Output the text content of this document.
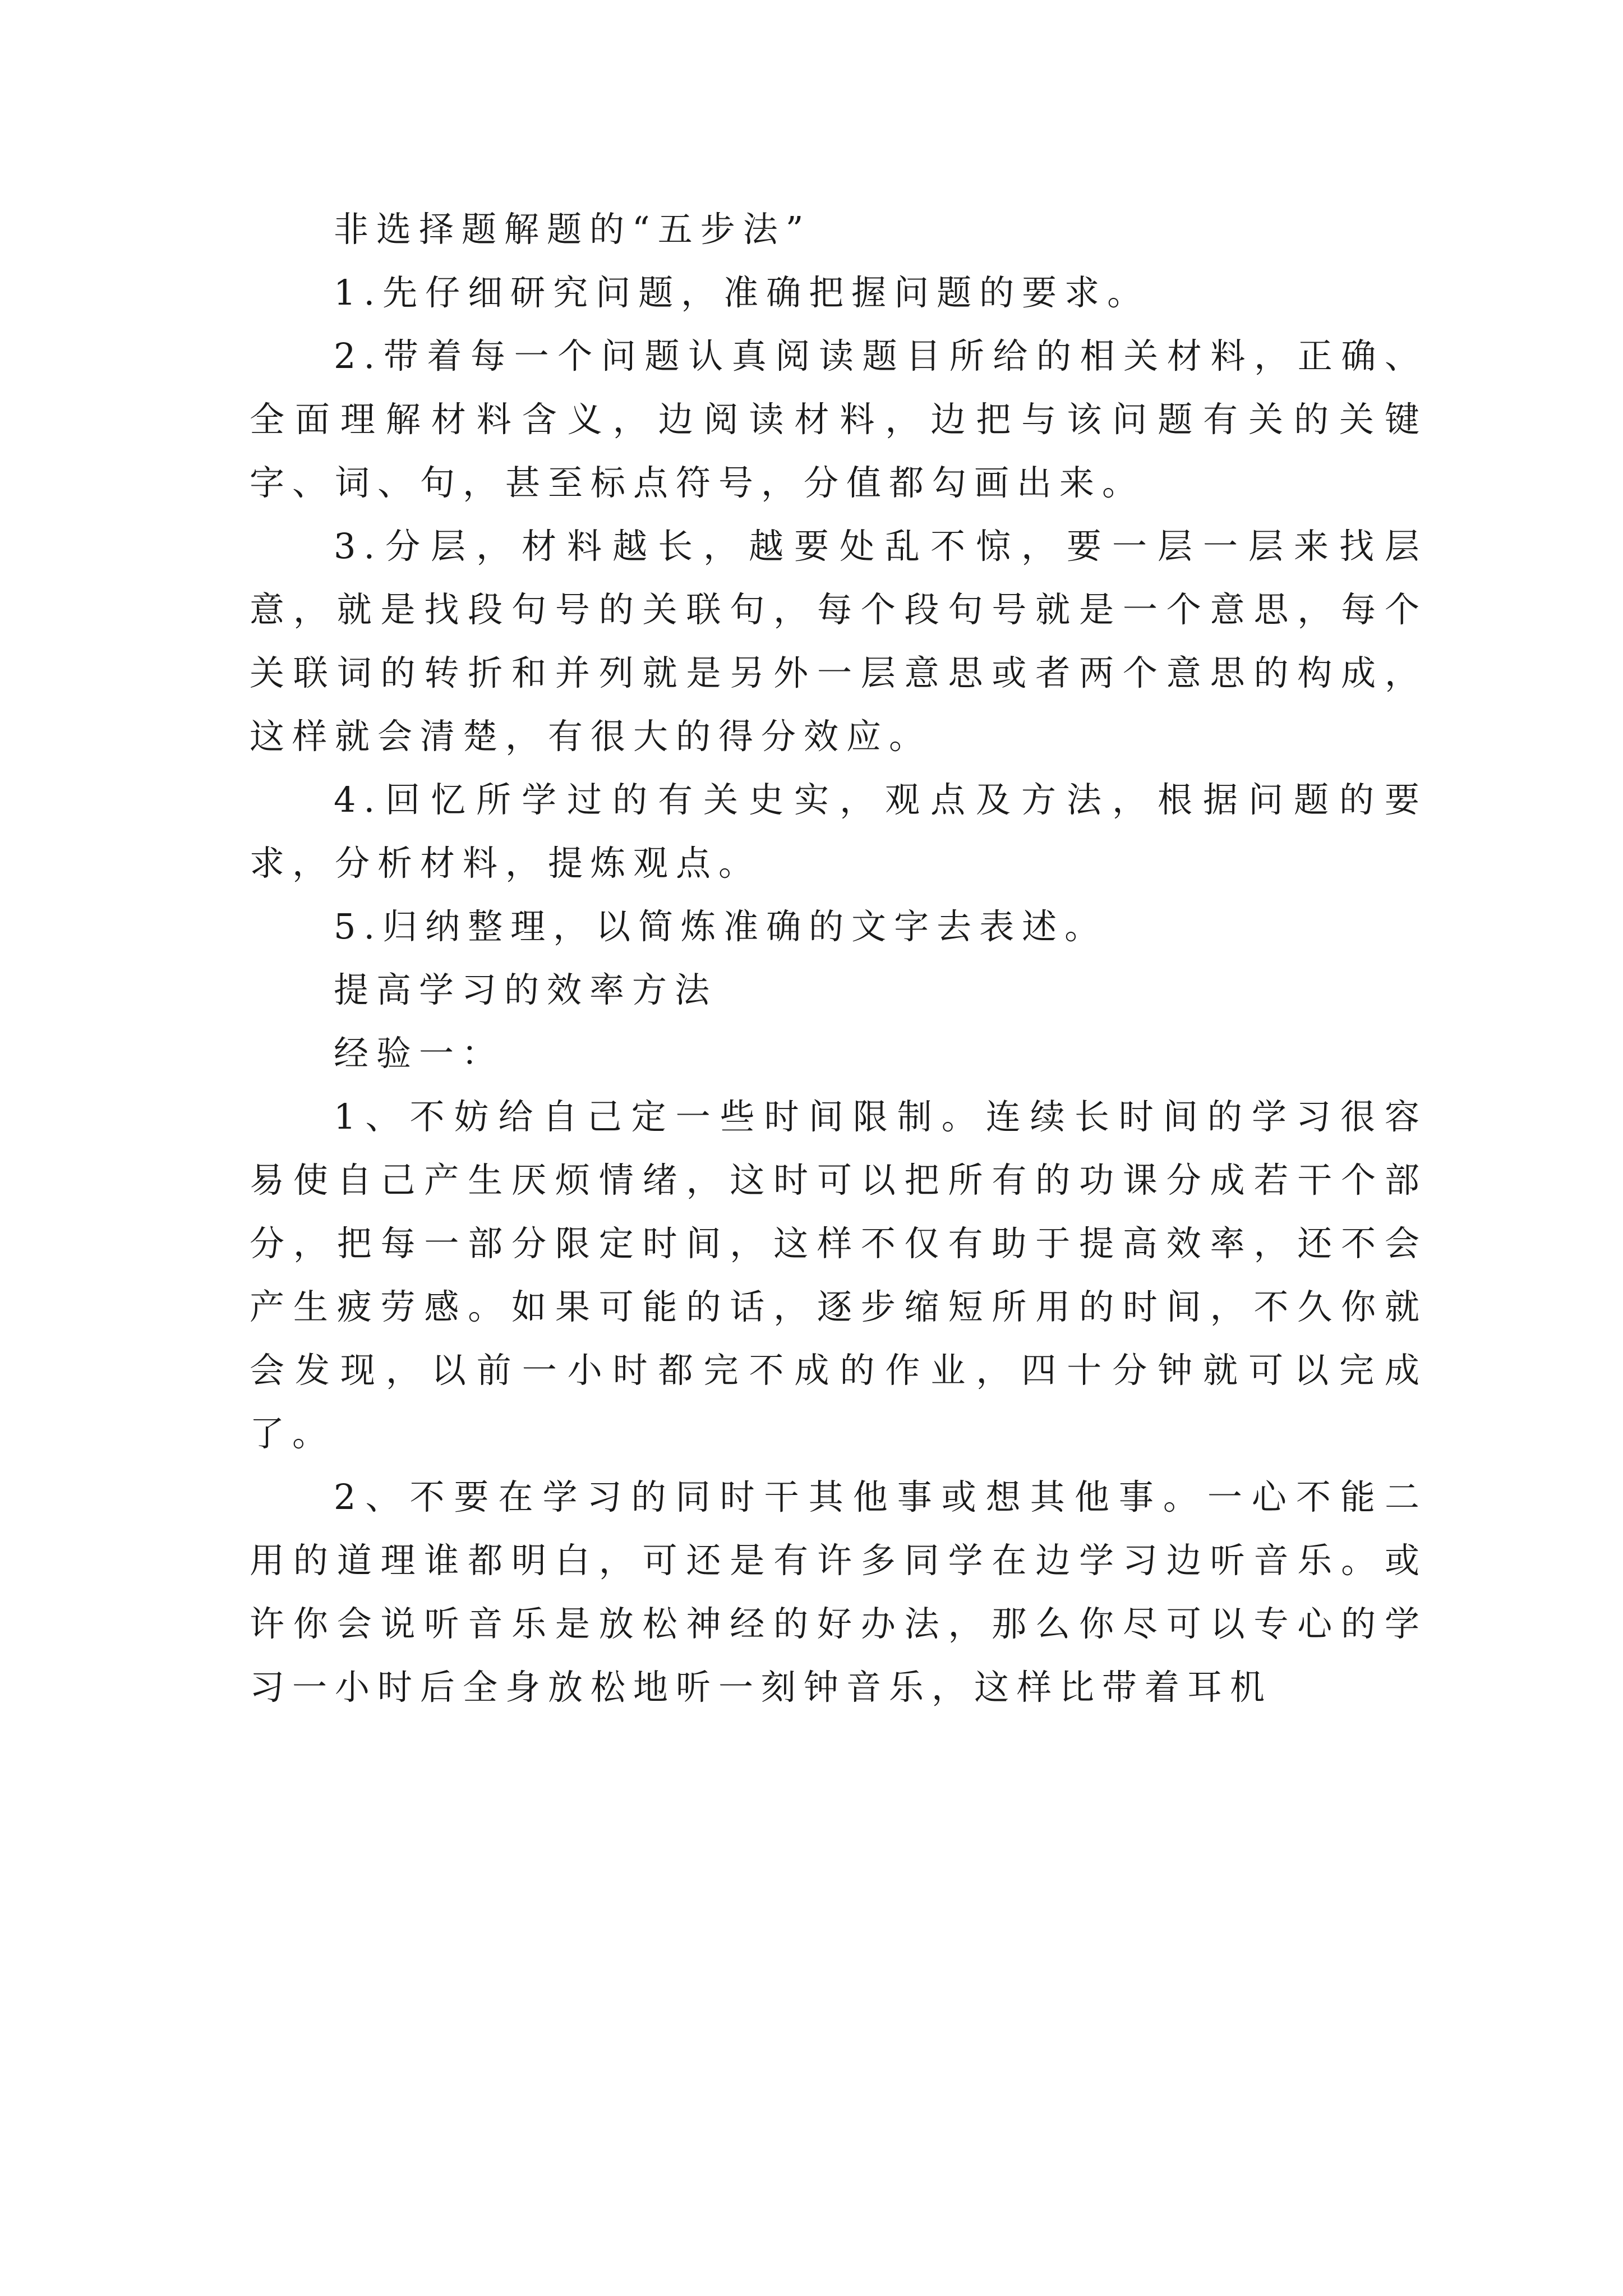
非选择题解题的“五步法”

1.先仔细研究问题，准确把握问题的要求。

2.带着每一个问题认真阅读题目所给的相关材料，正确、全面理解材料含义，边阅读材料，边把与该问题有关的关键字、词、句，甚至标点符号，分值都勾画出来。

3.分层，材料越长，越要处乱不惊，要一层一层来找层意，就是找段句号的关联句，每个段句号就是一个意思，每个关联词的转折和并列就是另外一层意思或者两个意思的构成，这样就会清楚，有很大的得分效应。

4.回忆所学过的有关史实，观点及方法，根据问题的要求，分析材料，提炼观点。

5.归纳整理，以简炼准确的文字去表述。

提高学习的效率方法

经验一：

1、不妨给自己定一些时间限制。连续长时间的学习很容易使自己产生厌烦情绪，这时可以把所有的功课分成若干个部分，把每一部分限定时间，这样不仅有助于提高效率，还不会产生疲劳感。如果可能的话，逐步缩短所用的时间，不久你就会发现，以前一小时都完不成的作业，四十分钟就可以完成了。

2、不要在学习的同时干其他事或想其他事。一心不能二用的道理谁都明白，可还是有许多同学在边学习边听音乐。或许你会说听音乐是放松神经的好办法，那么你尽可以专心的学习一小时后全身放松地听一刻钟音乐，这样比带着耳机
